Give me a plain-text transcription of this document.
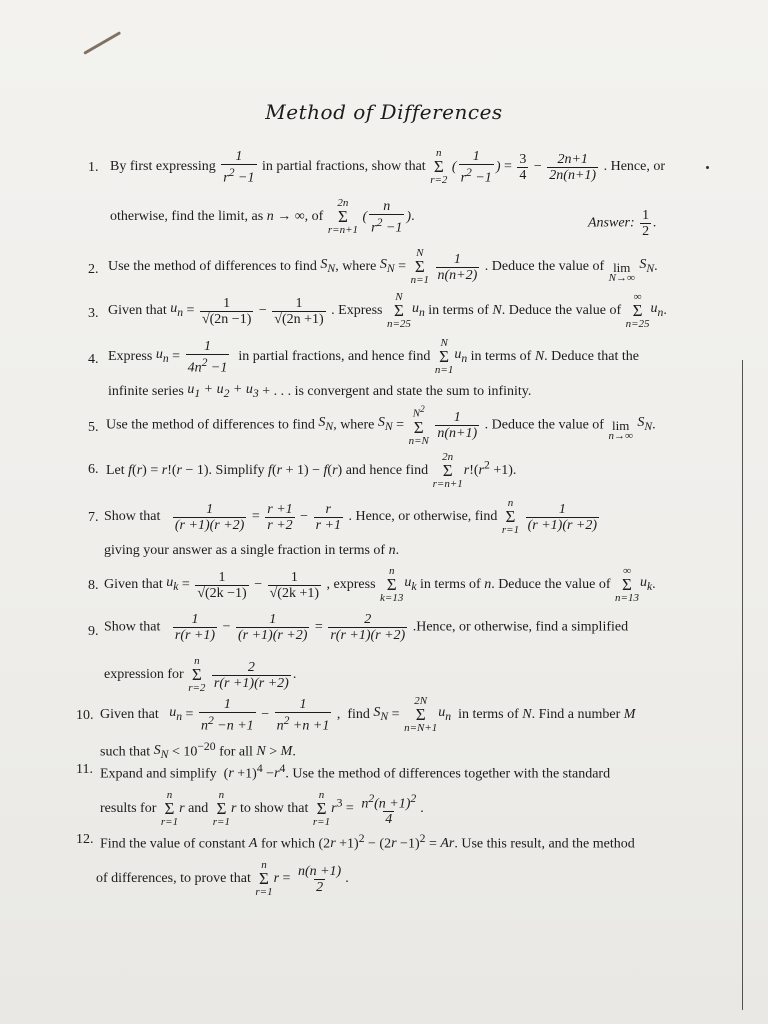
Method of Differences
1. By first expressing $\frac{1}{r^2 -1}$ in partial fractions, show that
n
Σ
r=2
( $\frac{1}{r^2 -1}$ ) = $\frac{3}{4} - \frac{2n+1}{2n(n+1)}$ . Hence, or
otherwise, find the limit, as n → ∞, of
2n
Σ
r=n+1
( $\frac{n}{r^2 -1}$ ).	Answer: $\frac{1}{2}$ .
2. Use the method of differences to find $S_N$, where $S_N$ =
N
Σ
n=1
$\frac{1}{n(n+2)}$ . Deduce the value of
lim
N→∞
$S_N$.
3. Given that $u_n = \frac{1}{√(2n -1)} - \frac{1}{√(2n +1)}$ . Express
N
Σ
n=25
$u_n$ in terms of N. Deduce the value of
∞
Σ
n=25
$u_n$.
4. Express $u_n = \frac{1}{4n^2 -1}$ in partial fractions, and hence find
N
Σ
n=1
$u_n$ in terms of N. Deduce that the
infinite series $u_1 + u_2 + u_3$ + . . . is convergent and state the sum to infinity.
5. Use the method of differences to find $S_N$, where $S_N$ =
$N^2$
Σ
n=N
$\frac{1}{n(n+1)}$ . Deduce the value of
lim
n→∞
$S_N$.
6. Let f(r) = r!(r − 1). Simplify f(r + 1) − f(r) and hence find
2n
Σ
r=n+1
$r!(r^2 +1)$.
7. Show that $\frac{1}{(r +1)(r +2)} = \frac{r +1}{r +2} - \frac{r}{r +1}$ . Hence, or otherwise, find
n
Σ
r=1
$\frac{1}{(r +1)(r +2)}$
giving your answer as a single fraction in terms of n.
8. Given that $u_k = \frac{1}{√(2k -1)} - \frac{1}{√(2k +1)}$ , express
n
Σ
k=13
$u_k$ in terms of n. Deduce the value of
∞
Σ
n=13
$u_k$.
9. Show that $\frac{1}{r(r +1)} - \frac{1}{(r +1)(r +2)} = \frac{2}{r(r +1)(r +2)}$ .Hence, or otherwise, find a simplified
expression for
n
Σ
r=2
$\frac{2}{r(r +1)(r +2)}$ .
10. Given that   $u_n = \frac{1}{n^2 -n +1} - \frac{1}{n^2 +n +1}$ ,  find $S_N$ =
2N
Σ
n=N+1
$u_n$  in terms of N. Find a number M
such that $S_N < 10^{-20}$ for all N > M.
11. Expand and simplify  $(r +1)^4 -r^4$. Use the method of differences together with the standard
results for
n
Σ
r=1
r and
n
Σ
r=1
r to show that
n
Σ
r=1
$r^3 = \frac{n^2(n +1)^2}{4}$ .
12. Find the value of constant A for which $(2r +1)^2 - (2r -1)^2 = Ar$. Use this result, and the method
of differences, to prove that
n
Σ
r=1
$r = \frac{n(n +1)}{2}$ .
